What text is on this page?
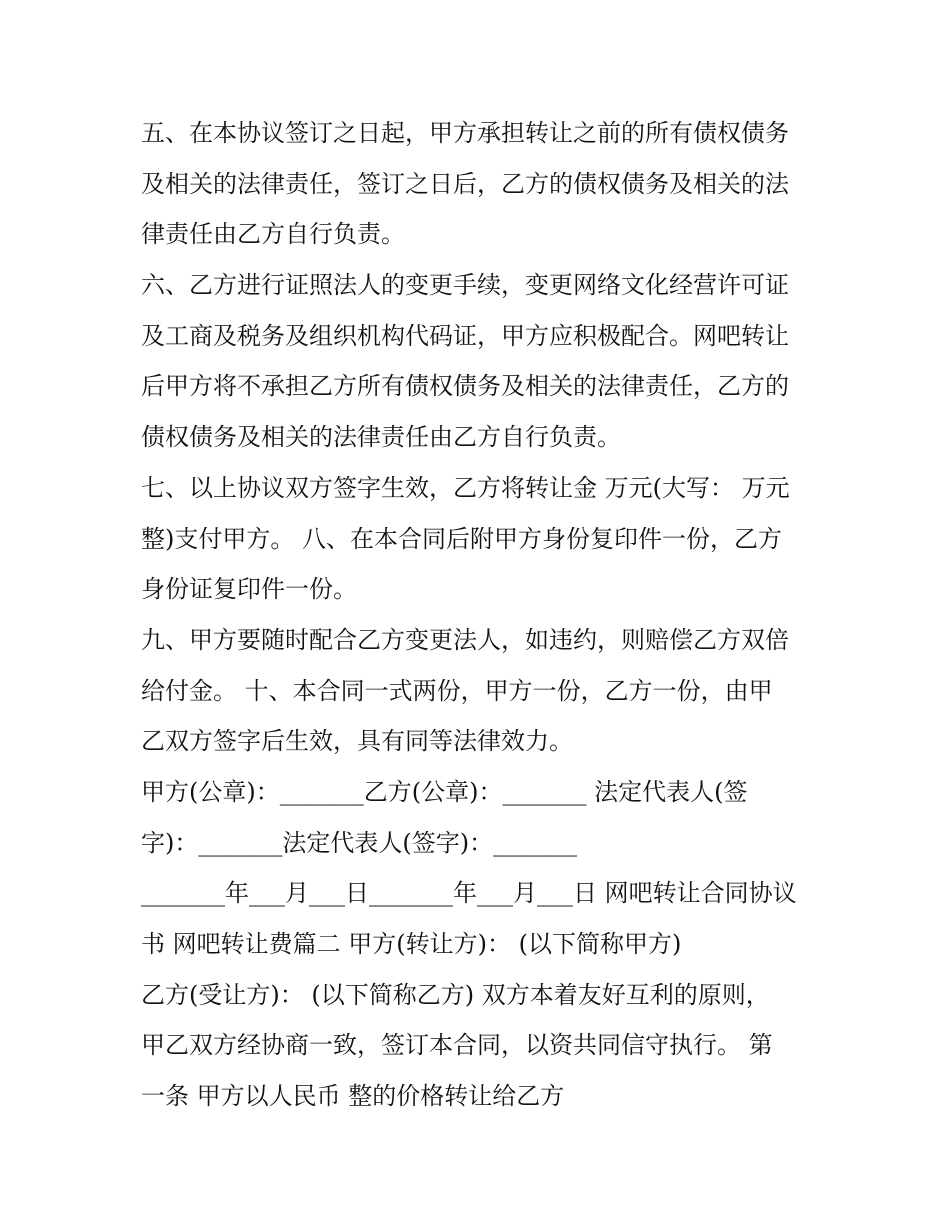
五、在本协议签订之日起，甲方承担转让之前的所有债权债务
及相关的法律责任，签订之日后，乙方的债权债务及相关的法
律责任由乙方自行负责。
六、乙方进行证照法人的变更手续，变更网络文化经营许可证
及工商及税务及组织机构代码证，甲方应积极配合。网吧转让
后甲方将不承担乙方所有债权债务及相关的法律责任，乙方的
债权债务及相关的法律责任由乙方自行负责。
七、以上协议双方签字生效，乙方将转让金 万元(大写： 万元
整)支付甲方。 八、在本合同后附甲方身份复印件一份，乙方
身份证复印件一份。
九、甲方要随时配合乙方变更法人，如违约，则赔偿乙方双倍
给付金。 十、本合同一式两份，甲方一份，乙方一份，由甲
乙双方签字后生效，具有同等法律效力。
甲方(公章)：_______乙方(公章)：_______ 法定代表人(签
字)：_______法定代表人(签字)：_______
_______年___月___日_______年___月___日 网吧转让合同协议
书 网吧转让费篇二 甲方(转让方)： (以下简称甲方)
乙方(受让方)： (以下简称乙方) 双方本着友好互利的原则，
甲乙双方经协商一致，签订本合同，以资共同信守执行。 第
一条 甲方以人民币 整的价格转让给乙方
